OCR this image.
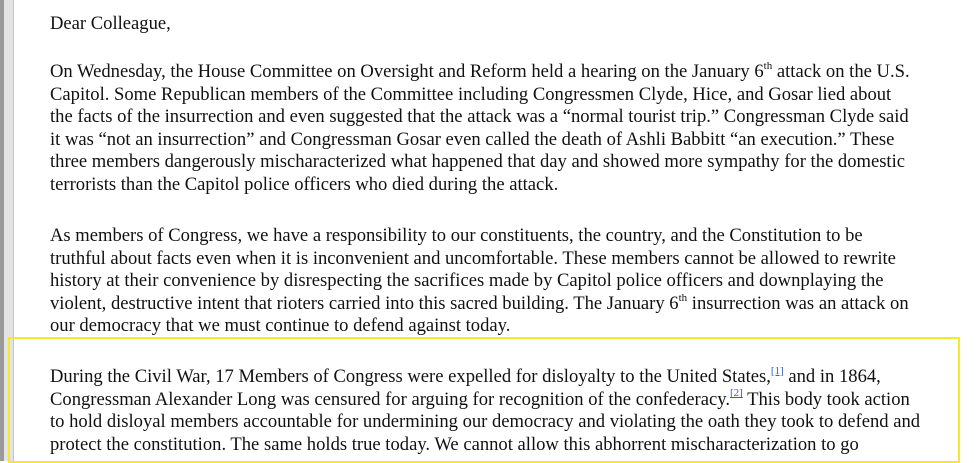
Dear Colleague,

On Wednesday, the House Committee on Oversight and Reform held a hearing on the January 6th attack on the U.S.
Capitol. Some Republican members of the Committee including Congressmen Clyde, Hice, and Gosar lied about
the facts of the insurrection and even suggested that the attack was a “normal tourist trip.” Congressman Clyde said
it was “not an insurrection” and Congressman Gosar even called the death of Ashli Babbitt “an execution.” These
three members dangerously mischaracterized what happened that day and showed more sympathy for the domestic
terrorists than the Capitol police officers who died during the attack.

As members of Congress, we have a responsibility to our constituents, the country, and the Constitution to be
truthful about facts even when it is inconvenient and uncomfortable. These members cannot be allowed to rewrite
history at their convenience by disrespecting the sacrifices made by Capitol police officers and downplaying the
violent, destructive intent that rioters carried into this sacred building. The January 6th insurrection was an attack on
our democracy that we must continue to defend against today.

During the Civil War, 17 Members of Congress were expelled for disloyalty to the United States,[1] and in 1864,
Congressman Alexander Long was censured for arguing for recognition of the confederacy.[2] This body took action
to hold disloyal members accountable for undermining our democracy and violating the oath they took to defend and
protect the constitution. The same holds true today. We cannot allow this abhorrent mischaracterization to go
